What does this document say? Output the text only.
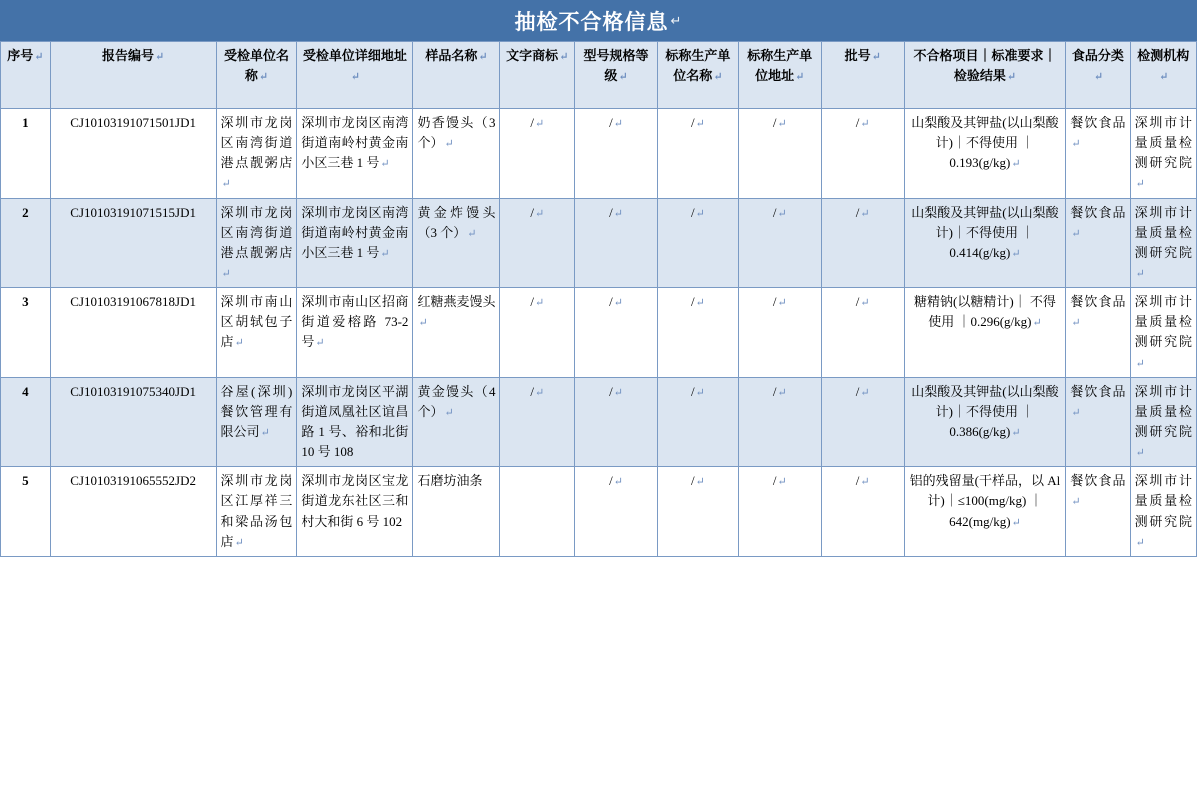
抽检不合格信息 ↵
序号↵	报告编号↵	受检单位名称↵	受检单位详细地址↵	样品名称↵	文字商标↵	型号规格等级↵	标称生产单位名称↵	标称生产单位地址↵	批号↵	不合格项目｜标准要求｜检验结果↵	食品分类↵	检测机构↵
1	CJ10103191071501JD1	深圳市龙岗区南湾街道港点靓粥店↵	深圳市龙岗区南湾街道南岭村黄金南小区三巷 1 号↵	奶香馒头（3 个）↵	/↵	/↵	/↵	/↵	/↵	山梨酸及其钾盐(以山梨酸计)｜不得使用 ｜0.193(g/kg)↵	餐饮食品↵	深圳市计量质量检测研究院↵
2	CJ10103191071515JD1	深圳市龙岗区南湾街道港点靓粥店↵	深圳市龙岗区南湾街道南岭村黄金南小区三巷 1 号↵	黄金炸馒头（3 个）↵	/↵	/↵	/↵	/↵	/↵	山梨酸及其钾盐(以山梨酸计)｜不得使用 ｜0.414(g/kg)↵	餐饮食品↵	深圳市计量质量检测研究院↵
3	CJ10103191067818JD1	深圳市南山区胡轼包子店↵	深圳市南山区招商街道爱榕路 73-2 号↵	红糖燕麦馒头↵	/↵	/↵	/↵	/↵	/↵	糖精钠(以糖精计)｜ 不得使用 ｜0.296(g/kg)↵	餐饮食品↵	深圳市计量质量检测研究院↵
4	CJ10103191075340JD1	谷屋(深圳)餐饮管理有限公司↵	深圳市龙岗区平湖街道凤凰社区谊昌路 1 号、裕和北街 10 号 108	黄金馒头（4 个）↵	/↵	/↵	/↵	/↵	/↵	山梨酸及其钾盐(以山梨酸计)｜不得使用 ｜0.386(g/kg)↵	餐饮食品↵	深圳市计量质量检测研究院↵
5	CJ10103191065552JD2	深圳市龙岗区江厚祥三和梁品汤包店↵	深圳市龙岗区宝龙街道龙东社区三和村大和街 6 号 102	石磨坊油条		/↵	/↵	/↵	/↵	铝的残留量(干样品，以 Al 计)｜≤100(mg/kg) ｜642(mg/kg)↵	餐饮食品↵	深圳市计量质量检测研究院↵
